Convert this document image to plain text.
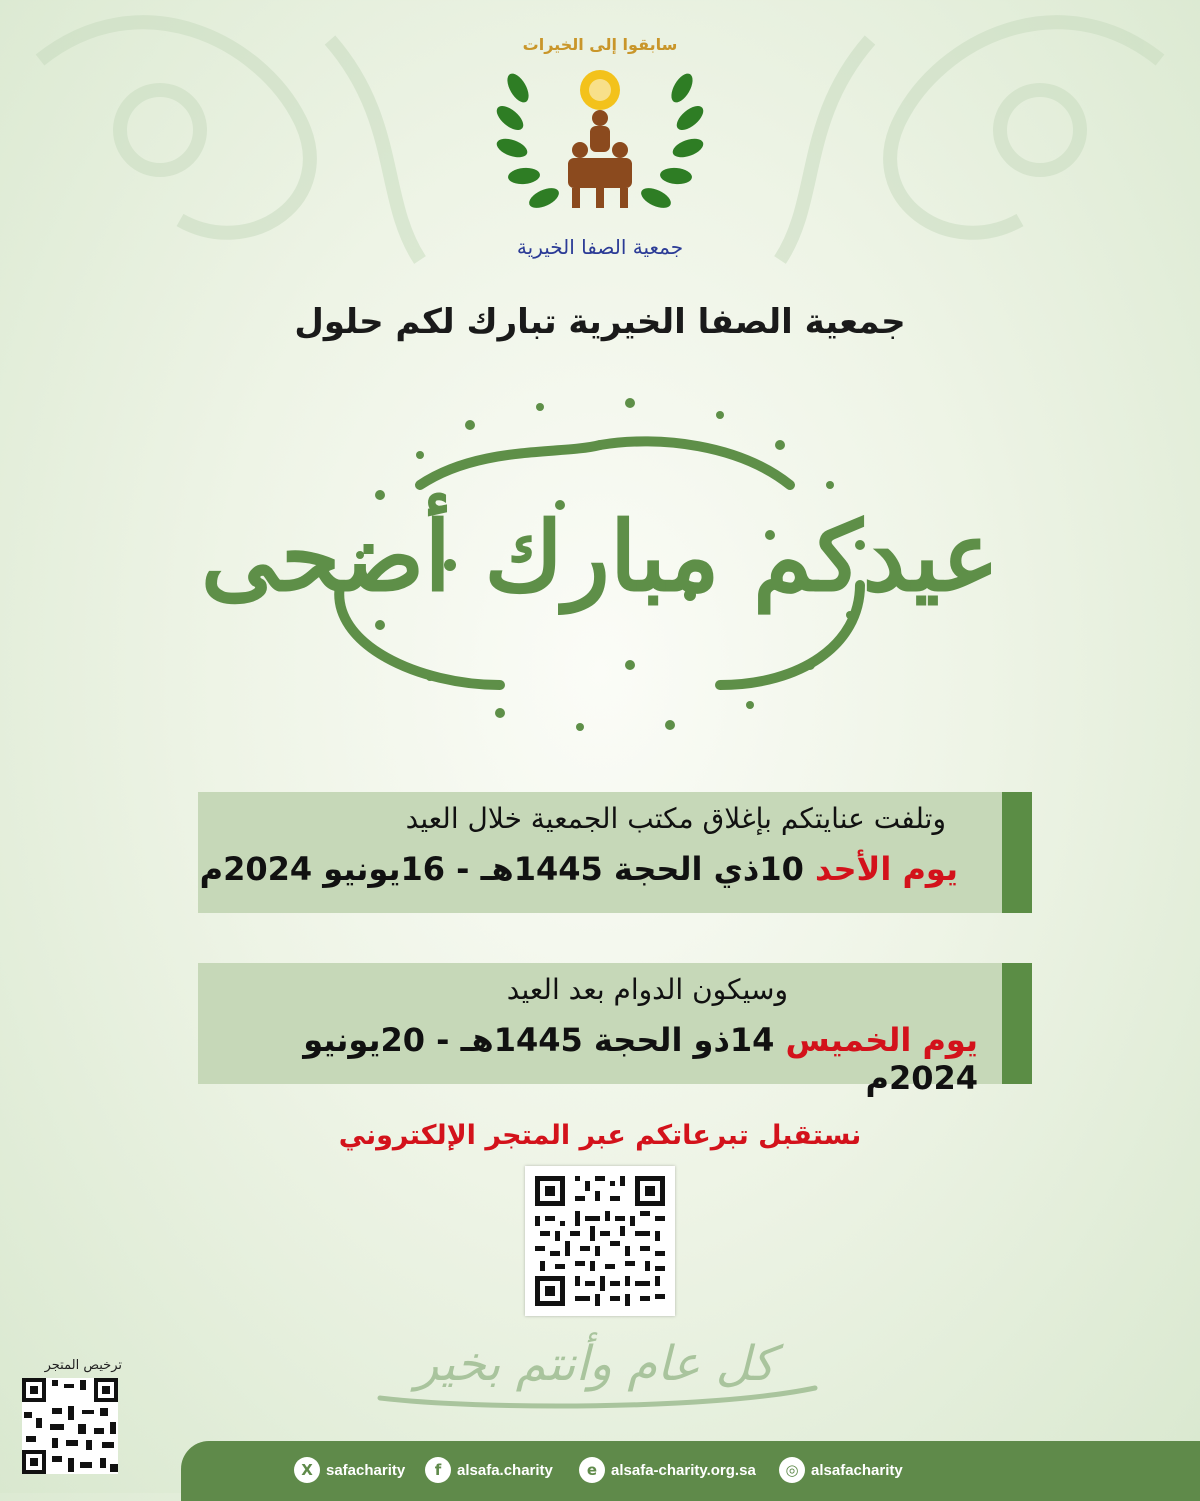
سابقوا إلى الخيرات
جمعية الصفا الخيرية
جمعية الصفا الخيرية تبارك لكم حلول
عيدكم مبارك أضحى
وتلفت عنايتكم بإغلاق مكتب الجمعية خلال العيد
يوم الأحد 10ذي الحجة 1445هـ - 16يونيو 2024م
وسيكون الدوام بعد العيد
يوم الخميس 14ذو الحجة 1445هـ - 20يونيو 2024م
نستقبل تبرعاتكم عبر المتجر الإلكتروني
كل عام وأنتم بخير
ترخيص المتجر
X safacharity	f	alsafa.charity	e alsafa-charity.org.sa	◎ alsafacharity
